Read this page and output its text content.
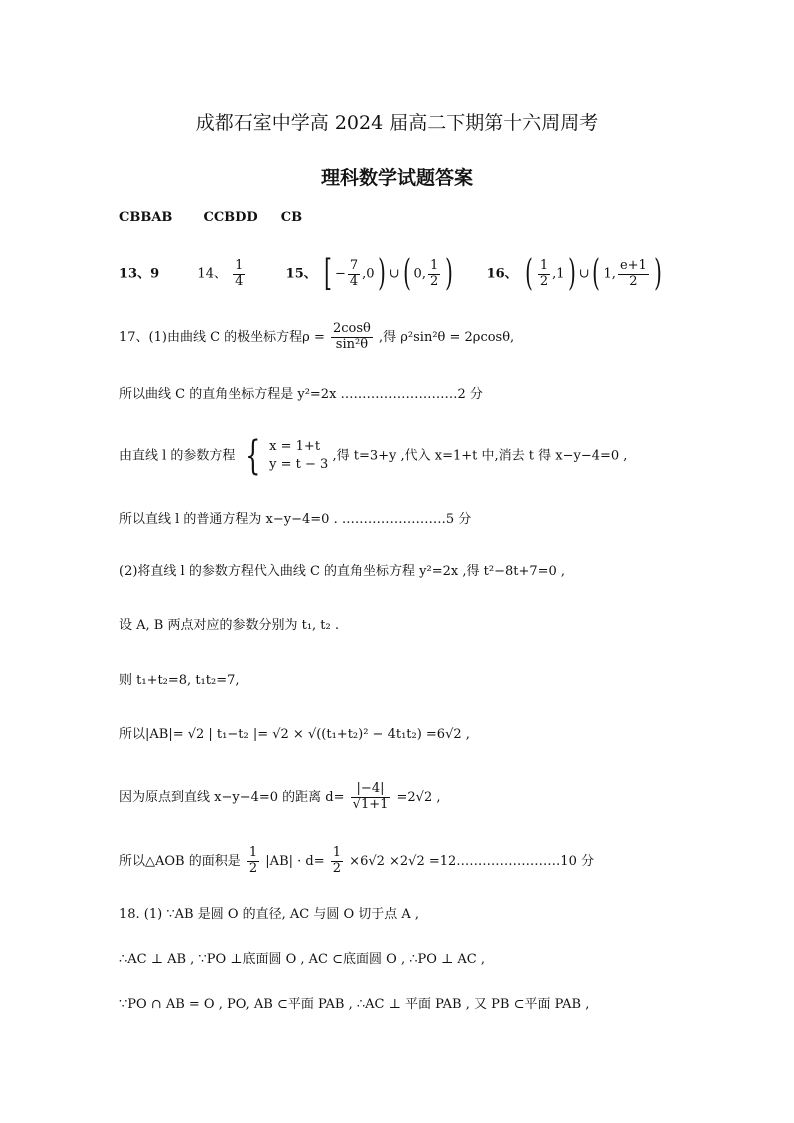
成都石室中学高 2024 届高二下期第十六周周考
理科数学试题答案
CBBAB CCBDD CB
13、9	14、 $\frac{1}{4}$	15、 [ − $\frac{7}{4} ,0$) ∪( 0, $\frac{1}{2}$ )	16、 ( $\frac{1}{2} ,1$) ∪( 1, $\frac{e+1}{2}$ )
17、(1)由曲线 C 的极坐标方程$\rho = \frac{2\cos\theta}{\text{sin²θ}}$ ,得 ρ²sin²θ = 2ρcosθ,
所以曲线 C 的直角坐标方程是 y²=2x ………………………2 分
由直线 l 的参数方程 { x = 1+t
y = t − 3
,得 t=3+y ,代入 x=1+t 中,消去 t 得 x−y−4=0 ,
所以直线 l 的普通方程为 x−y−4=0 . ……………………5 分
(2)将直线 l 的参数方程代入曲线 C 的直角坐标方程 y²=2x ,得 t²−8t+7=0 ,
设 A, B 两点对应的参数分别为 t₁, t₂ .
则 t₁+t₂=8, t₁t₂=7,
所以|AB|= √2 | t₁−t₂ |= √2 × √((t₁+t₂)² − 4t₁t₂) =6√2 ,
因为原点到直线 x−y−4=0 的距离 $d= \frac{|-4|}{√1+1} =2√2$ ,
所以△AOB 的面积是 $\frac{1}{2} |AB| \cdot d= \frac{1}{2} \times 6√2 \times 2√2$ =12……………………10 分
18. (1) ∵AB 是圆 O 的直径, AC 与圆 O 切于点 A ,
∴AC ⊥ AB , ∵PO ⊥底面圆 O , AC ⊂底面圆 O , ∴PO ⊥ AC ,
∵PO ∩ AB = O , PO, AB ⊂平面 PAB , ∴AC ⊥ 平面 PAB , 又 PB ⊂平面 PAB ,
